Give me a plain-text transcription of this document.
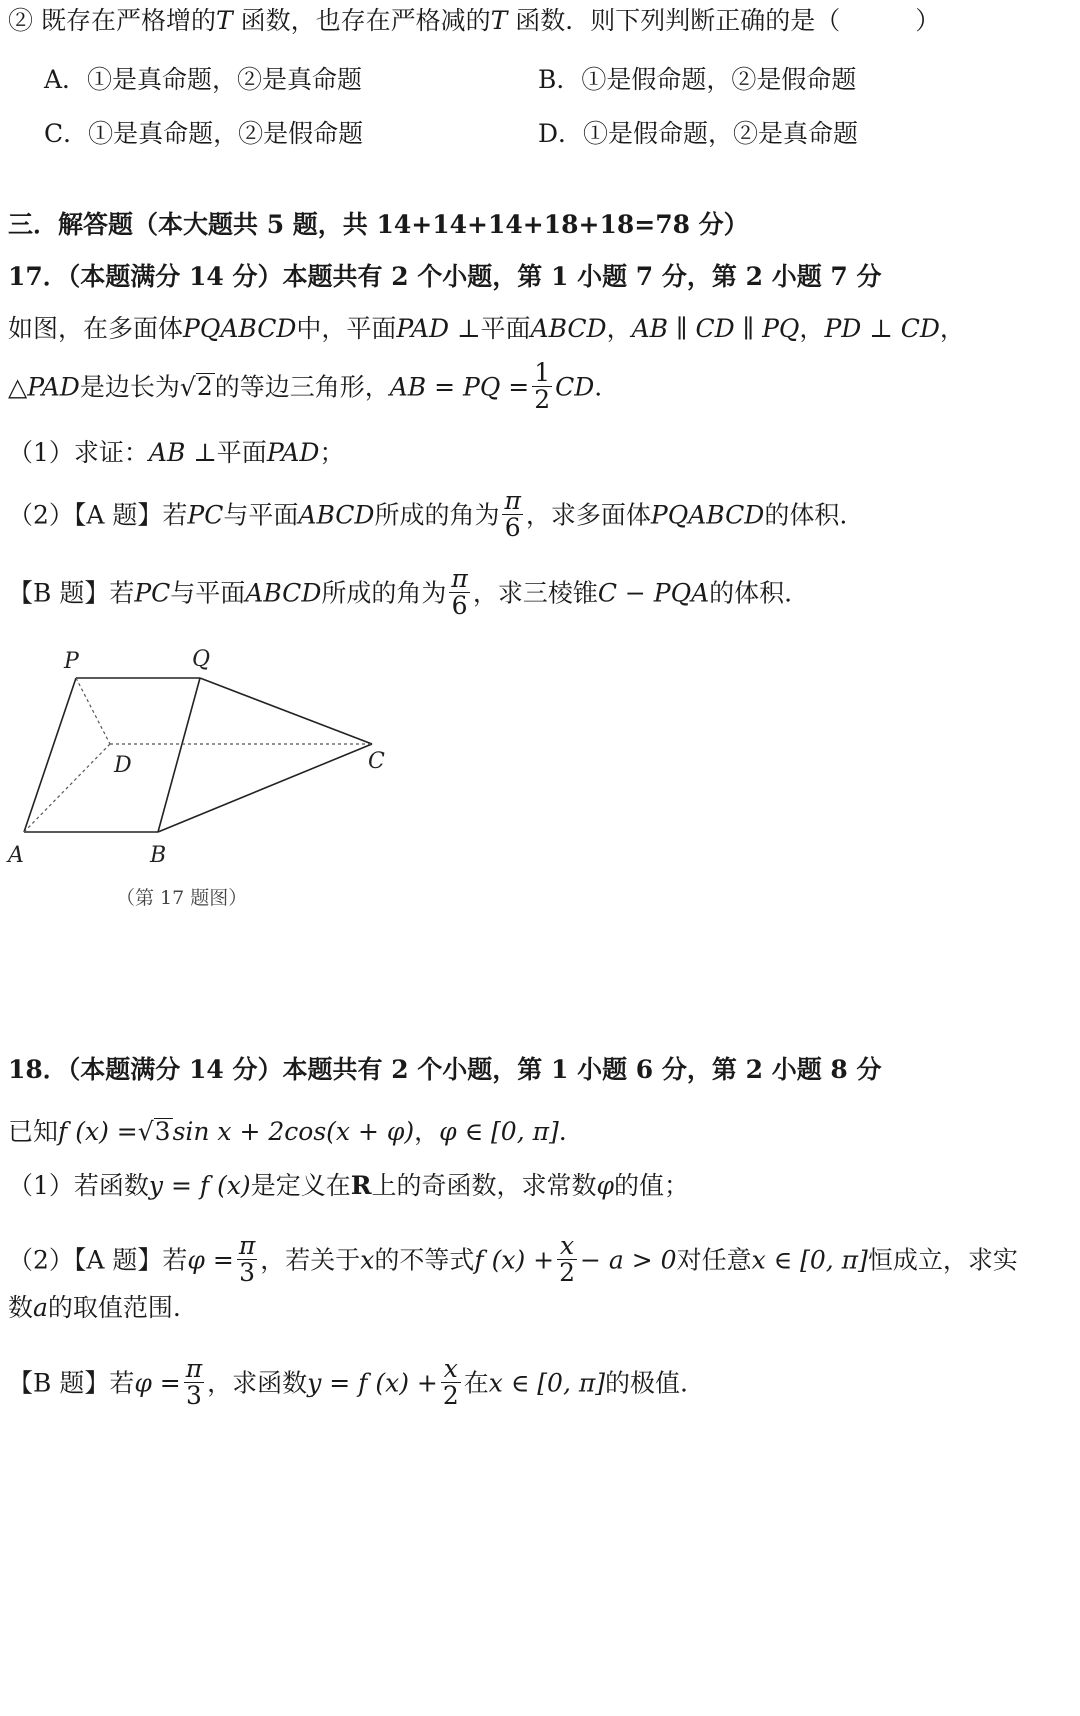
② 既存在严格增的T 函数，也存在严格减的T 函数．则下列判断正确的是（　　　）
A．①是真命题，②是真命题	B．①是假命题，②是假命题
C．①是真命题，②是假命题	D．①是假命题，②是真命题
三．解答题（本大题共 5 题，共 14+14+14+18+18=78 分）
17．（本题满分 14 分）本题共有 2 个小题，第 1 小题 7 分，第 2 小题 7 分
如图，在多面体PQABCD中，平面PAD ⊥平面ABCD，AB ∥ CD ∥ PQ，PD ⊥ CD，
△PAD是边长为√2的等边三角形，AB = PQ = $\frac{1}{2}$ CD．
（1）求证：AB ⊥平面PAD；
（2）【A 题】若PC与平面ABCD所成的角为 $\frac{\pi}{6}$ ，求多面体PQABCD的体积.
【B 题】若PC与平面ABCD所成的角为 $\frac{\pi}{6}$ ，求三棱锥C − PQA的体积.
P	Q
D	C
A	B
（第 17 题图）
18．（本题满分 14 分）本题共有 2 个小题，第 1 小题 6 分，第 2 小题 8 分
已知f (x) =√3sin x + 2cos(x + φ)，φ ∈ [0, π].
（1）若函数y = f (x)是定义在R上的奇函数，求常数φ的值；
（2）【A 题】若$\varphi = \frac{\pi}{3}$ ，若关于x的不等式f $(x) + \frac{x}{2} - a > 0$对任意x ∈ [0, π]恒成立，求实
数a的取值范围.
【B 题】若$\varphi = \frac{\pi}{3}$ ，求函数y = f $(x) + \frac{x}{2}$ 在x ∈ [0, π]的极值.
